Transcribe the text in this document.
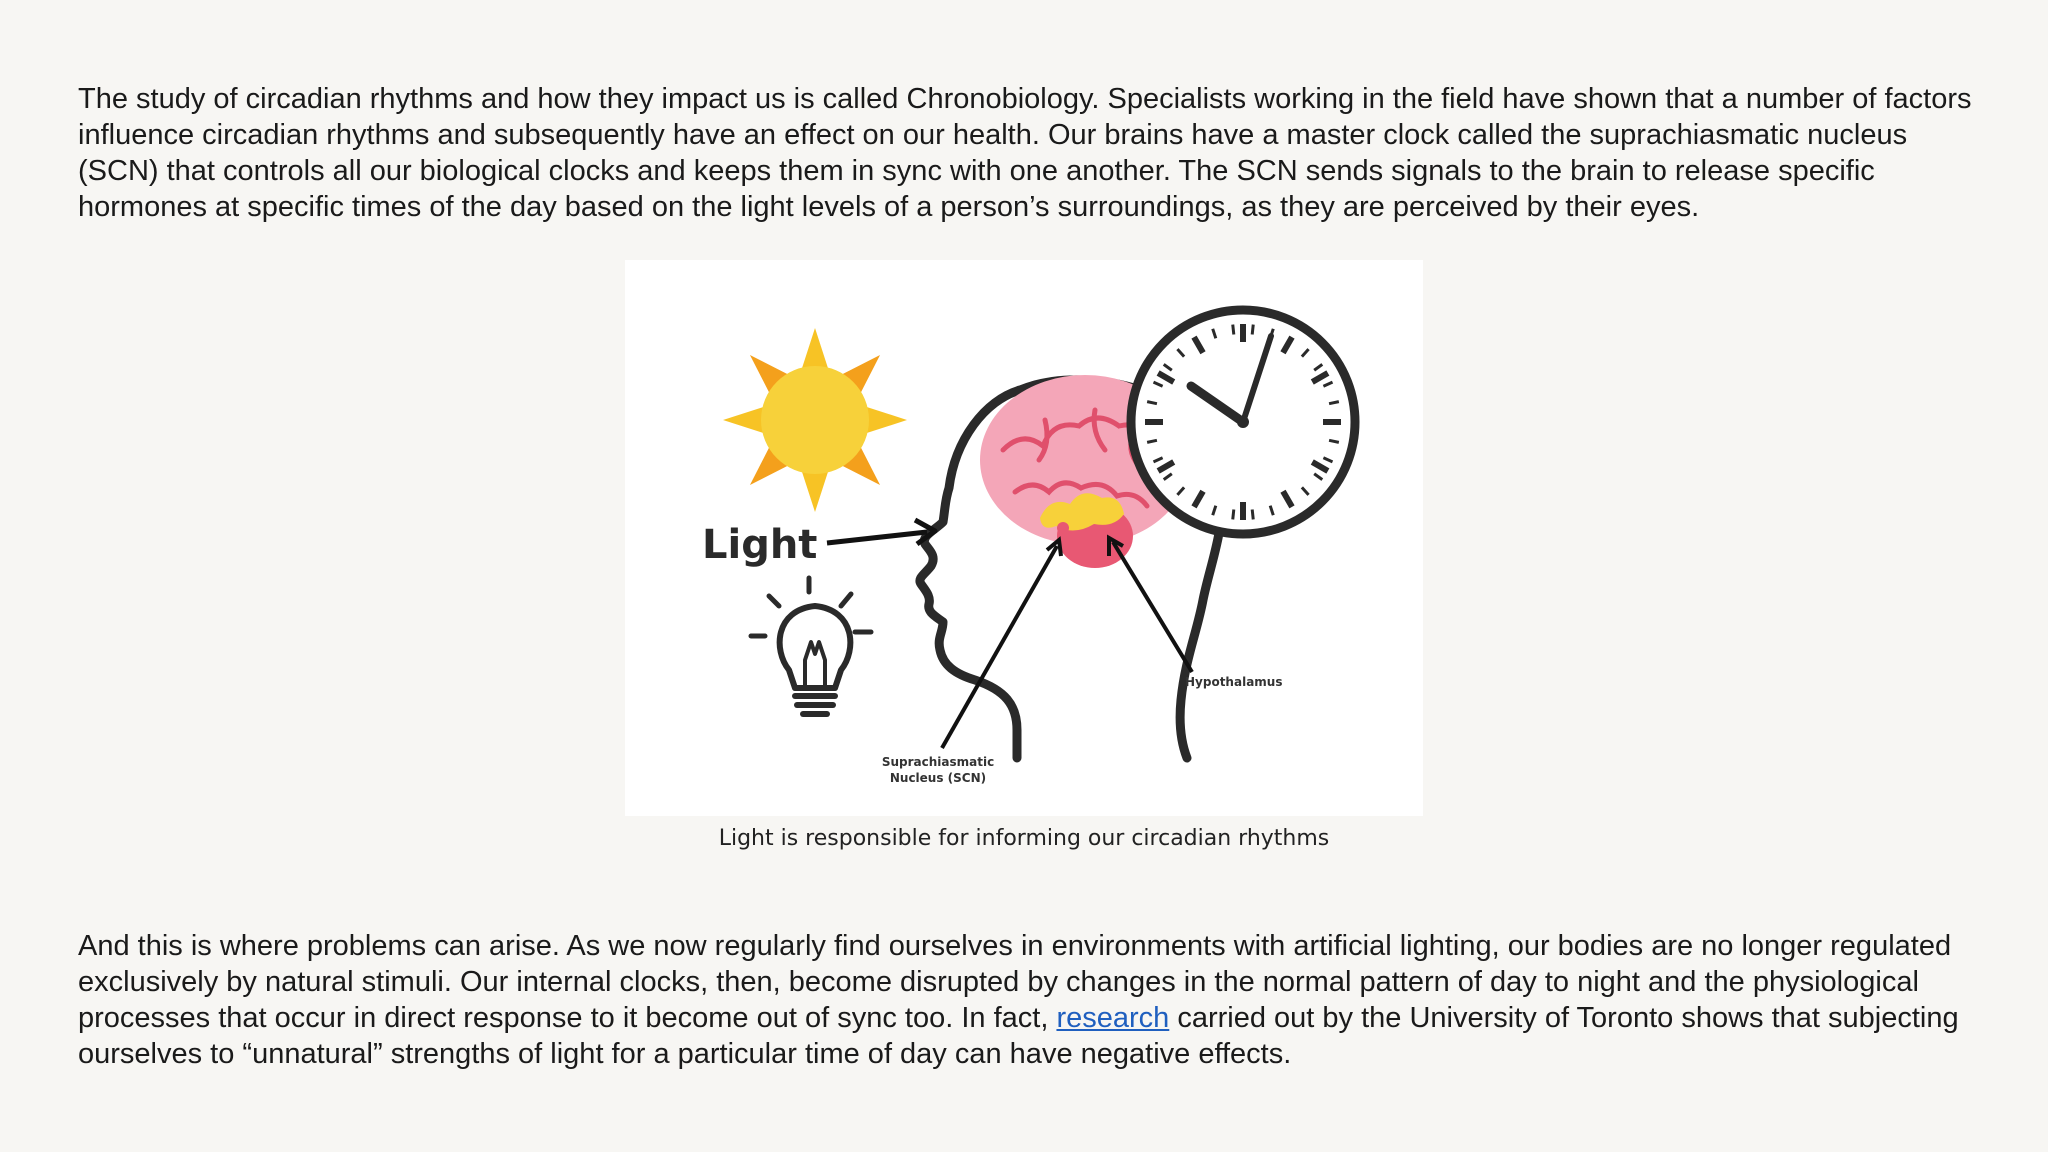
The study of circadian rhythms and how they impact us is called Chronobiology. Specialists working in the field have shown that a number of factors influence circadian rhythms and subsequently have an effect on our health. Our brains have a master clock called the suprachiasmatic nucleus (SCN) that controls all our biological clocks and keeps them in sync with one another. The SCN sends signals to the brain to release specific hormones at specific times of the day based on the light levels of a person’s surroundings, as they are perceived by their eyes.

Light
Hypothalamus
Suprachiasmatic
Nucleus (SCN)
Light is responsible for informing our circadian rhythms

And this is where problems can arise. As we now regularly find ourselves in environments with artificial lighting, our bodies are no longer regulated exclusively by natural stimuli. Our internal clocks, then, become disrupted by changes in the normal pattern of day to night and the physiological processes that occur in direct response to it become out of sync too. In fact, research carried out by the University of Toronto shows that subjecting ourselves to “unnatural” strengths of light for a particular time of day can have negative effects.
